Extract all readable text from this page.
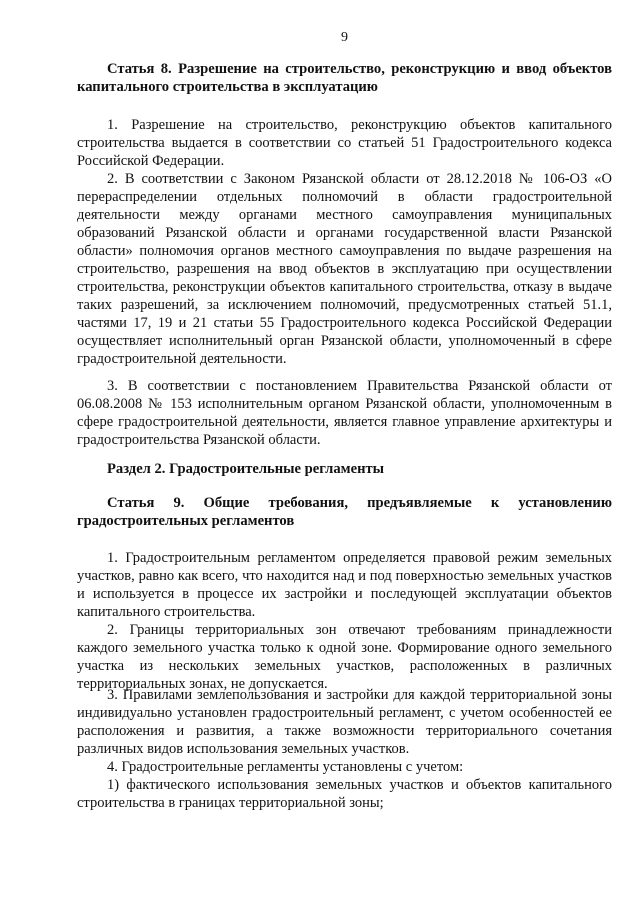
9
Статья 8. Разрешение на строительство, реконструкцию и ввод объектов капитального строительства в эксплуатацию
1. Разрешение на строительство, реконструкцию объектов капитального строительства выдается в соответствии со статьей 51 Градостроительного кодекса Российской Федерации.
2. В соответствии с Законом Рязанской области от 28.12.2018 № 106-ОЗ «О перераспределении отдельных полномочий в области градостроительной деятельности между органами местного самоуправления муниципальных образований Рязанской области и органами государственной власти Рязанской области» полномочия органов местного самоуправления по выдаче разрешения на строительство, разрешения на ввод объектов в эксплуатацию при осуществлении строительства, реконструкции объектов капитального строительства, отказу в выдаче таких разрешений, за исключением полномочий, предусмотренных статьей 51.1, частями 17, 19 и 21 статьи 55 Градостроительного кодекса Российской Федерации осуществляет исполнительный орган Рязанской области, уполномоченный в сфере градостроительной деятельности.
3. В соответствии с постановлением Правительства Рязанской области от 06.08.2008 № 153 исполнительным органом Рязанской области, уполномоченным в сфере градостроительной деятельности, является главное управление архитектуры и градостроительства Рязанской области.
Раздел 2. Градостроительные регламенты
Статья 9. Общие требования, предъявляемые к установлению градостроительных регламентов
1. Градостроительным регламентом определяется правовой режим земельных участков, равно как всего, что находится над и под поверхностью земельных участков и используется в процессе их застройки и последующей эксплуатации объектов капитального строительства.
2. Границы территориальных зон отвечают требованиям принадлежности каждого земельного участка только к одной зоне. Формирование одного земельного участка из нескольких земельных участков, расположенных в различных территориальных зонах, не допускается.
3. Правилами землепользования и застройки для каждой территориальной зоны индивидуально установлен градостроительный регламент, с учетом особенностей ее расположения и развития, а также возможности территориального сочетания различных видов использования земельных участков.
4. Градостроительные регламенты установлены с учетом:
1) фактического использования земельных участков и объектов капитального строительства в границах территориальной зоны;
